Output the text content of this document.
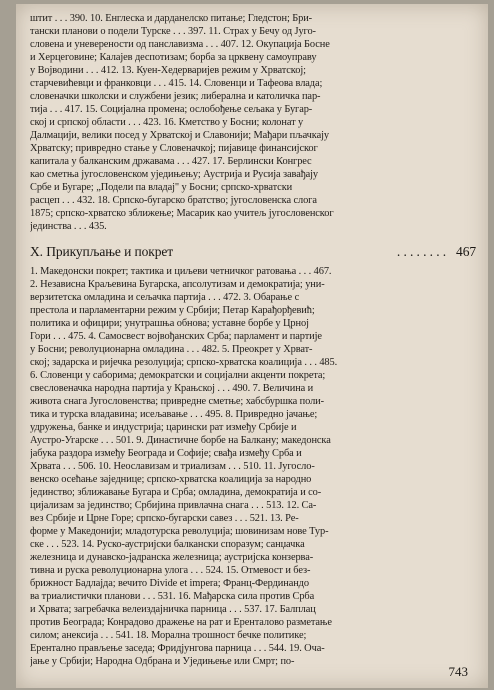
штит . . . 390. 10. Енглеска и дарданелско питање; Гледстон; Бри-
тански планови о подели Турске . . . 397. 11. Страх у Бечу од Југо-
словена и уневерености од панславизма . . . 407. 12. Окупација Босне
и Херцеговине; Калајев деспотизам; борба за црквену самоуправу
у Војводини . . . 412. 13. Куен-Хедерваријев режим у Хрватској;
старчевићевци и франковци . . . 415. 14. Словенци и Тафеова влада;
словеначки школски и службени језик; либерална и католичка пар-
тија . . . 417. 15. Социјална промена; ослобођење сељака у Бугар-
ској и српској области . . . 423. 16. Кметство у Босни; колонат у
Далмацији, велики посед у Хрватској и Славонији; Мађари пљачкају
Хрватску; привредно стање у Словеначкој; пијавице финансијског
капитала у балканским државама . . . 427. 17. Берлински Конгрес
као сметња југословенском уједињењу; Аустрија и Русија завађају
Србе и Бугаре; „Подели па владај" у Босни; српско-хрватски
расцеп . . . 432. 18. Српско-бугарско братство; југословенска слога
1875; српско-хрватско зближење; Масарик као учитељ југословенског
јединства . . . 435.
X. Прикупљање и покрет	. . . . . . . . 467
1. Македонски покрет; тактика и циљеви четничког ратовања . . . 467.
2. Независна Краљевина Бугарска, апсолутизам и демократија; уни-
верзитетска омладина и сељачка партија . . . 472. 3. Обарање с
престола и парламентарни режим у Србији; Петар Карађорђевић;
политика и официри; унутрашња обнова; уставне борбе у Црној
Гори . . . 475. 4. Самосвест војвођанских Срба; парламент и партије
у Босни; револуционарна омладина . . . 482. 5. Преокрет у Хрват-
ској; задарска и ријечка резолуција; српско-хрватска коалиција . . . 485.
6. Словенци у саборима; демократски и социјални акценти покрета;
свесловеначка народна партија у Крањској . . . 490. 7. Величина и
живота снага Југословенства; привредне сметње; хабсбуршка поли-
тика и турска владавина; исељавање . . . 495. 8. Привредно јачање;
удружења, банке и индустрија; царински рат између Србије и
Аустро-Угарске . . . 501. 9. Династичне борбе на Балкану; македонска
јабука раздора између Београда и Софије; свађа између Срба и
Хрвата . . . 506. 10. Неославизам и триализам . . . 510. 11. Југосло-
венско осећање заједнице; српско-хрватска коалиција за народно
јединство; зближавање Бугара и Срба; омладина, демократија и со-
цијализам за јединство; Србијина привлачна снага . . . 513. 12. Са-
вез Србије и Црне Горе; српско-бугарски савез . . . 521. 13. Ре-
форме у Македонији; младотурска револуција; шовинизам нове Тур-
ске . . . 523. 14. Руско-аустријски балкански споразум; санџачка
железница и дунавско-јадранска железница; аустријска конзерва-
тивна и руска револуционарна улога . . . 524. 15. Отмевост и без-
брижност Бадлајда; вечито Divide et impera; Франц-Фердинандо
ва триалистички планови . . . 531. 16. Мађарска сила против Срба
и Хрвата; загребачка велеиздајничка парница . . . 537. 17. Балплац
против Београда; Конрадово дражење на рат и Еренталово разметање
силом; анексија . . . 541. 18. Морална трошност бечке политике;
Ерентално прављење заседа; Фридјунгова парница . . . 544. 19. Оча-
јање у Србији; Народна Одбрана и Уједињење или Смрт; по-
743
